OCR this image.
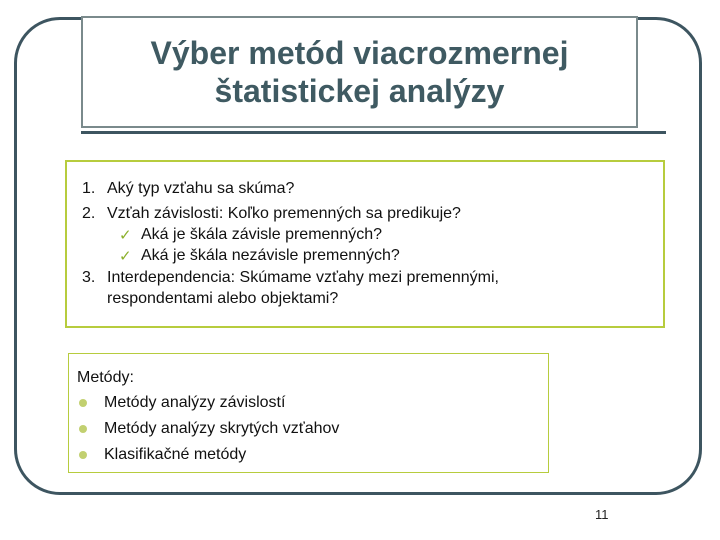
Výber metód viacrozmernej
štatistickej analýzy
1. Aký typ vzťahu sa skúma?
2. Vzťah závislosti: Koľko premenných sa predikuje?
✓ Aká je škála závisle premenných?
✓ Aká je škála nezávisle premenných?
3. Interdependencia: Skúmame vzťahy mezi premennými,
respondentami alebo objektami?
Metódy:
Metódy analýzy závislostí
Metódy analýzy skrytých vzťahov
Klasifikačné metódy
11
